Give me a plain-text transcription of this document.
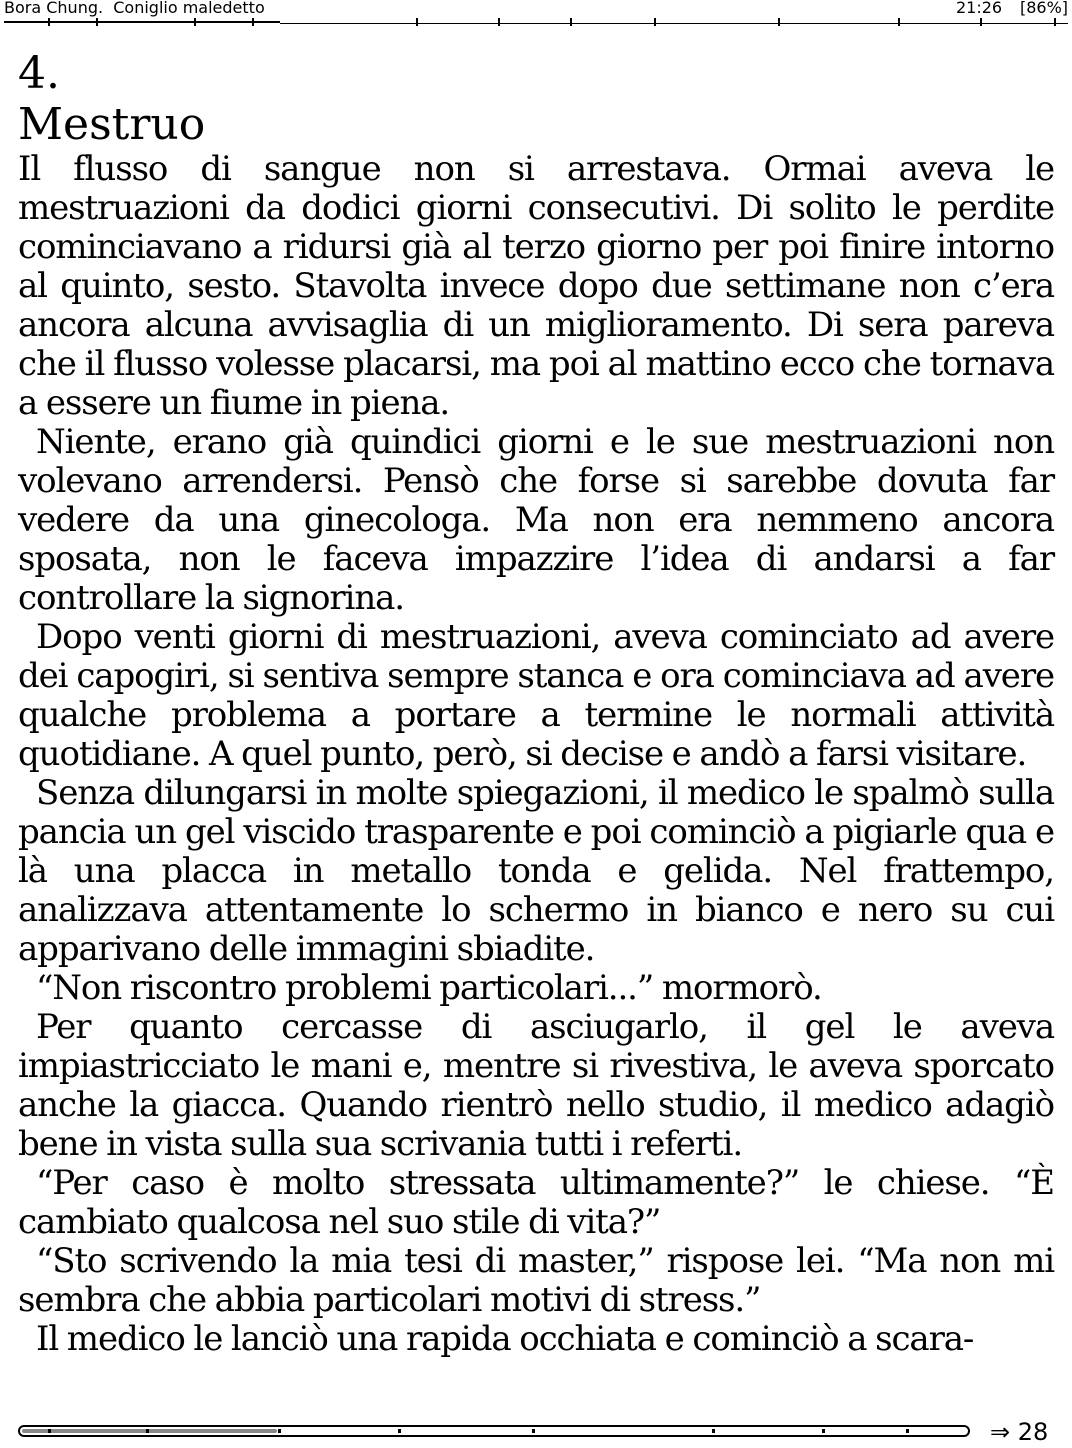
Bora Chung.  Coniglio maledetto	21:26 [86%]
4.
Mestruo

Il flusso di sangue non si arrestava. Ormai aveva le mestruazioni da dodici giorni consecutivi. Di solito le perdite cominciavano a ridursi già al terzo giorno per poi finire intorno al quinto, sesto. Stavolta invece dopo due settimane non c’era ancora alcuna avvisaglia di un miglioramento. Di sera pareva che il flusso volesse placarsi, ma poi al mattino ecco che tornava a essere un fiume in piena.

Niente, erano già quindici giorni e le sue mestruazioni non volevano arrendersi. Pensò che forse si sarebbe dovuta far vedere da una ginecologa. Ma non era nemmeno ancora sposata, non le faceva impazzire l’idea di andarsi a far controllare la signorina.

Dopo venti giorni di mestruazioni, aveva cominciato ad avere dei capogiri, si sentiva sempre stanca e ora cominciava ad avere qualche problema a portare a termine le normali attività quotidiane. A quel punto, però, si decise e andò a farsi visitare.

Senza dilungarsi in molte spiegazioni, il medico le spalmò sulla pancia un gel viscido trasparente e poi cominciò a pigiarle qua e là una placca in metallo tonda e gelida. Nel frattempo, analizzava attentamente lo schermo in bianco e nero su cui apparivano delle immagini sbiadite.

“Non riscontro problemi particolari...” mormorò.

Per quanto cercasse di asciugarlo, il gel le aveva impiastricciato le mani e, mentre si rivestiva, le aveva sporcato anche la giacca. Quando rientrò nello studio, il medico adagiò bene in vista sulla sua scrivania tutti i referti.

“Per caso è molto stressata ultimamente?” le chiese. “È cambiato qualcosa nel suo stile di vita?”

“Sto scrivendo la mia tesi di master,” rispose lei. “Ma non mi sembra che abbia particolari motivi di stress.”

Il medico le lanciò una rapida occhiata e cominciò a scara-

⇒ 28
